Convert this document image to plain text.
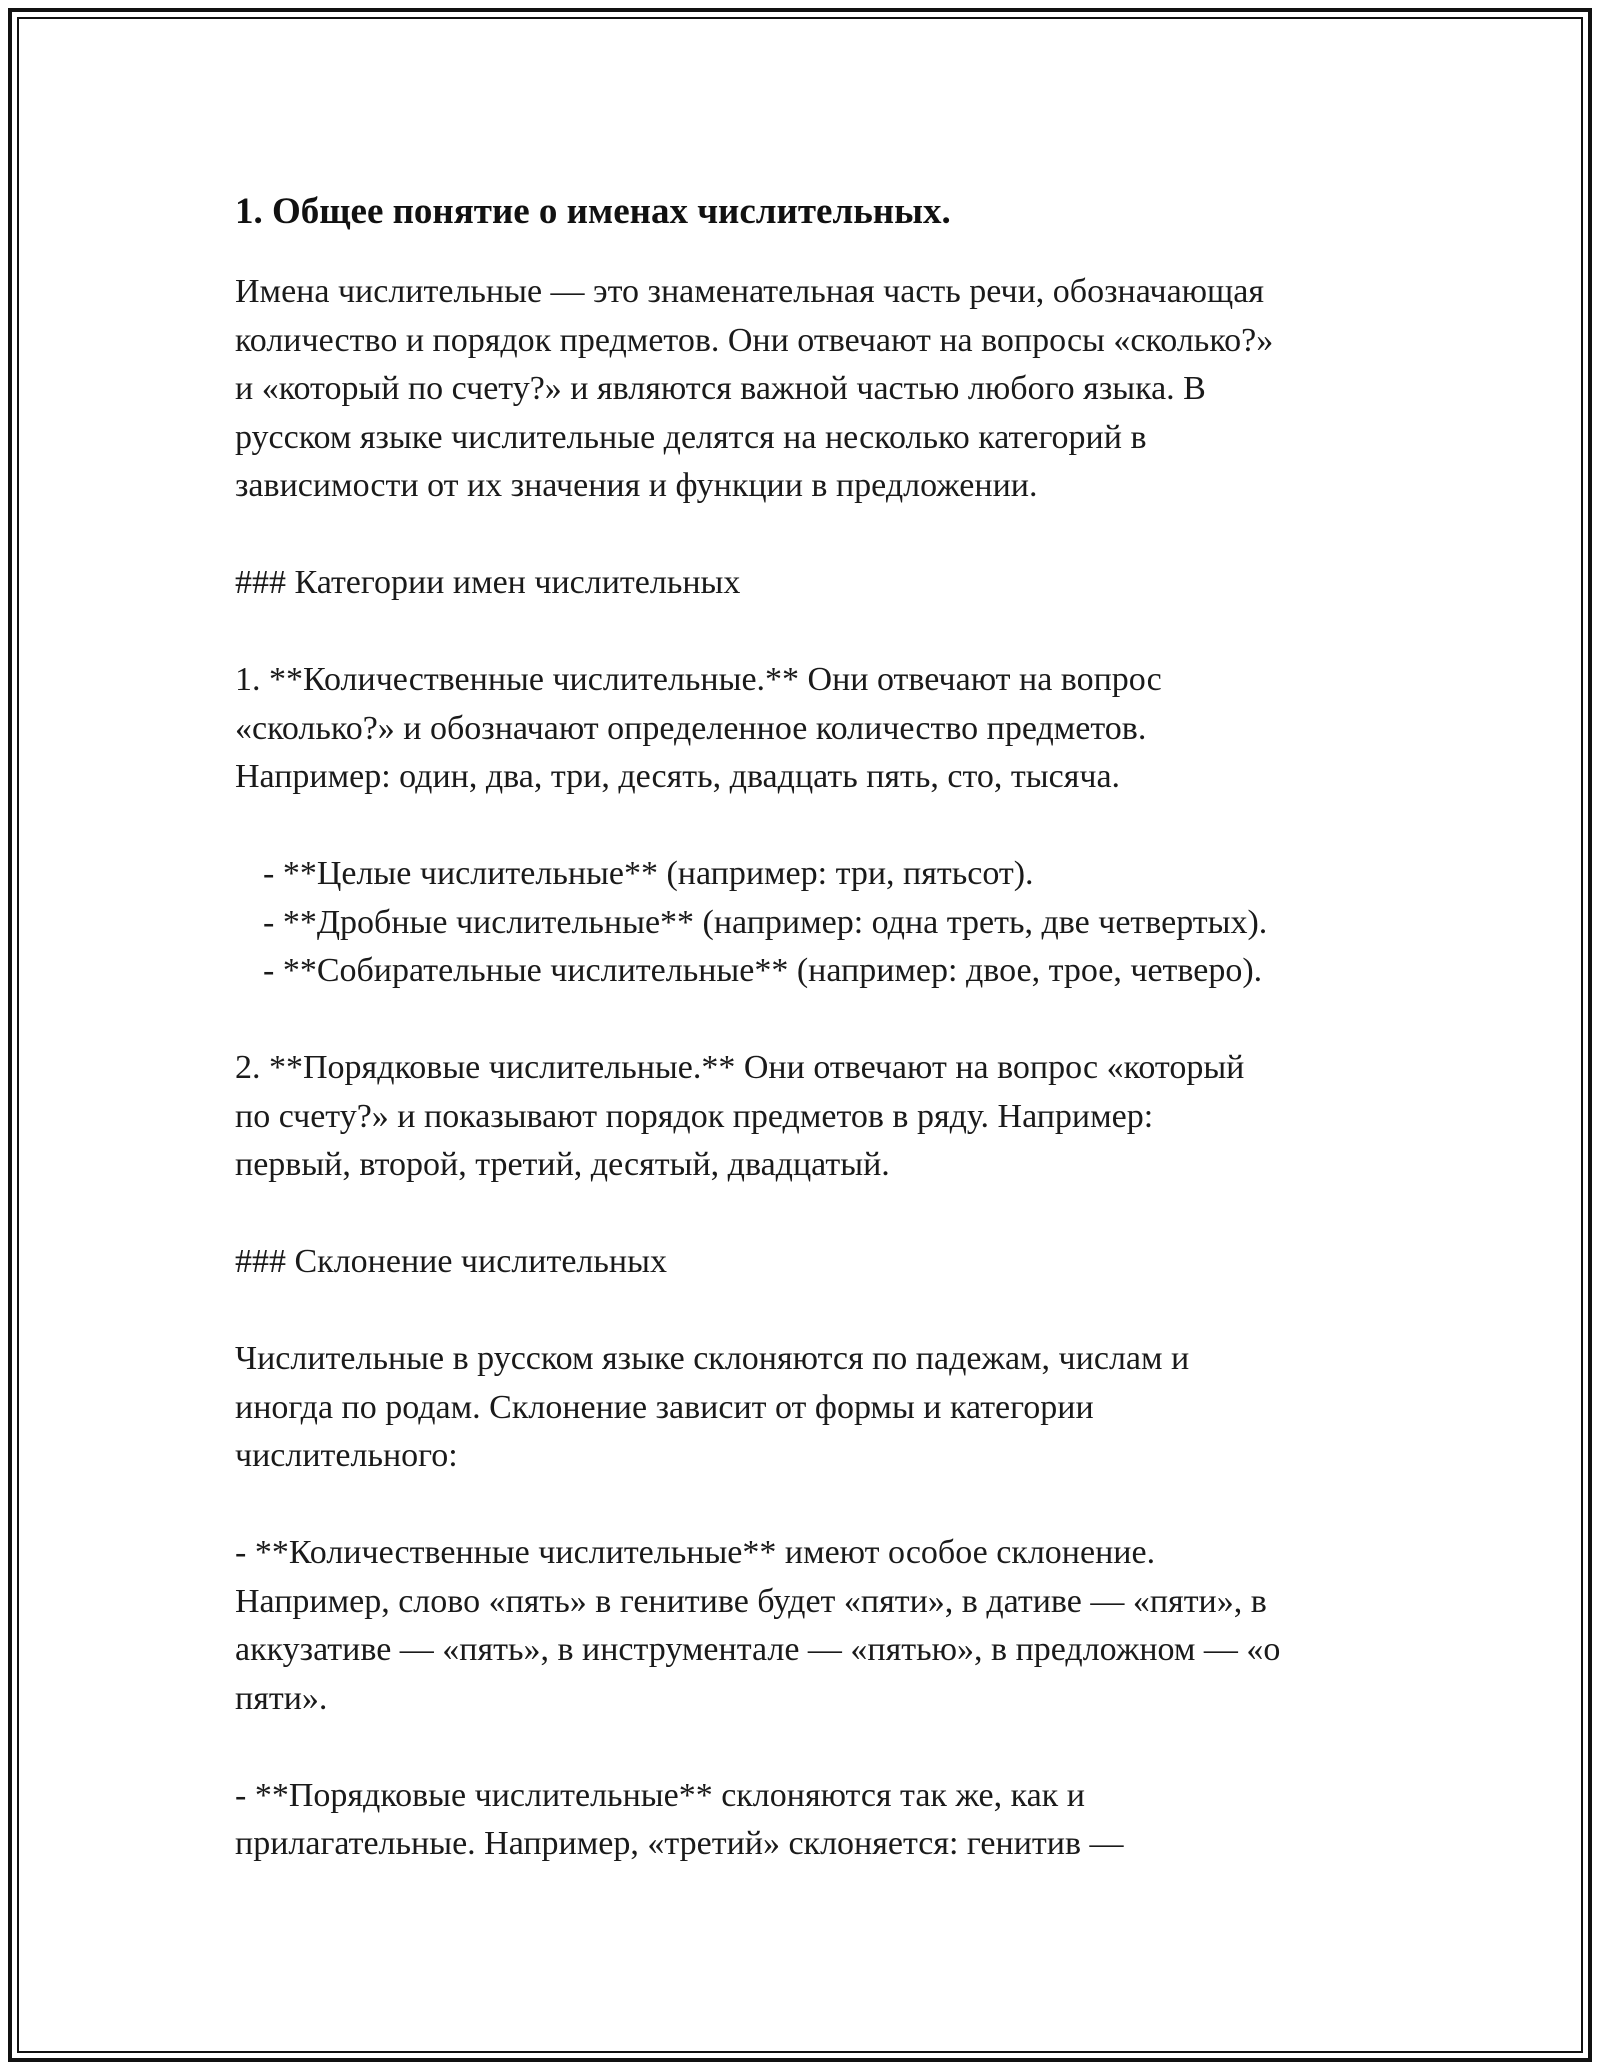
1. Общее понятие о именах числительных.

Имена числительные — это знаменательная часть речи, обозначающая

количество и порядок предметов. Они отвечают на вопросы «сколько?»

и «который по счету?» и являются важной частью любого языка. В

русском языке числительные делятся на несколько категорий в

зависимости от их значения и функции в предложении.

### Категории имен числительных

1. **Количественные числительные.** Они отвечают на вопрос

«сколько?» и обозначают определенное количество предметов.

Например: один, два, три, десять, двадцать пять, сто, тысяча.

- **Целые числительные** (например: три, пятьсот).

- **Дробные числительные** (например: одна треть, две четвертых).

- **Собирательные числительные** (например: двое, трое, четверо).

2. **Порядковые числительные.** Они отвечают на вопрос «который

по счету?» и показывают порядок предметов в ряду. Например:

первый, второй, третий, десятый, двадцатый.

### Склонение числительных

Числительные в русском языке склоняются по падежам, числам и

иногда по родам. Склонение зависит от формы и категории

числительного:

- **Количественные числительные** имеют особое склонение.

Например, слово «пять» в генитиве будет «пяти», в дативе — «пяти», в

аккузативе — «пять», в инструментале — «пятью», в предложном — «о

пяти».

- **Порядковые числительные** склоняются так же, как и

прилагательные. Например, «третий» склоняется: генитив —
